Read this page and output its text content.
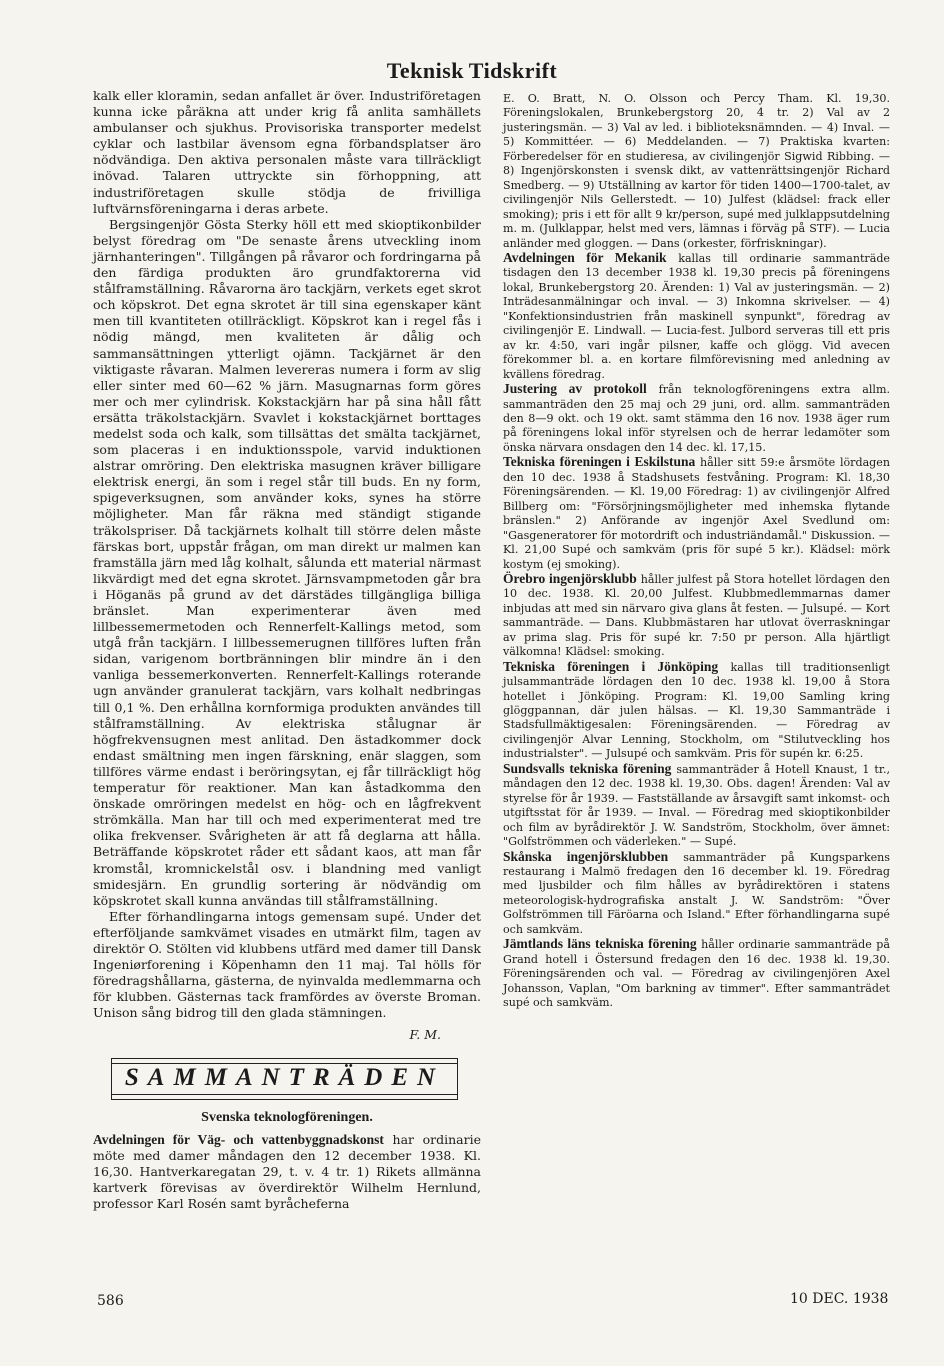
Teknisk Tidskrift

kalk eller kloramin, sedan anfallet är över. Industriföretagen kunna icke påräkna att under krig få anlita samhällets ambulanser och sjukhus. Provisoriska transporter medelst cyklar och lastbilar ävensom egna förbandsplatser äro nödvändiga. Den aktiva personalen måste vara tillräckligt inövad. Talaren uttryckte sin förhoppning, att industriföretagen skulle stödja de frivilliga luftvärnsföreningarna i deras arbete.

Bergsingenjör Gösta Sterky höll ett med skioptikonbilder belyst föredrag om "De senaste årens utveckling inom järnhanteringen". Tillgången på råvaror och fordringarna på den färdiga produkten äro grundfaktorerna vid stålframställning. Råvarorna äro tackjärn, verkets eget skrot och köpskrot. Det egna skrotet är till sina egenskaper känt men till kvantiteten otillräckligt. Köpskrot kan i regel fås i nödig mängd, men kvaliteten är dålig och sammansättningen ytterligt ojämn. Tackjärnet är den viktigaste råvaran. Malmen levereras numera i form av slig eller sinter med 60—62 % järn. Masugnarnas form göres mer och mer cylindrisk. Kokstackjärn har på sina håll fått ersätta träkolstackjärn. Svavlet i kokstackjärnet borttages medelst soda och kalk, som tillsättas det smälta tackjärnet, som placeras i en induktionsspole, varvid induktionen alstrar omröring. Den elektriska masugnen kräver billigare elektrisk energi, än som i regel står till buds. En ny form, spigeverksugnen, som använder koks, synes ha större möjligheter. Man får räkna med ständigt stigande träkolspriser. Då tackjärnets kolhalt till större delen måste färskas bort, uppstår frågan, om man direkt ur malmen kan framställa järn med låg kolhalt, sålunda ett material närmast likvärdigt med det egna skrotet. Järnsvampmetoden går bra i Höganäs på grund av det därstädes tillgängliga billiga bränslet. Man experimenterar även med lillbessemermetoden och Rennerfelt-Kallings metod, som utgå från tackjärn. I lillbessemerugnen tillföres luften från sidan, varigenom bortbränningen blir mindre än i den vanliga bessemerkonverten. Rennerfelt-Kallings roterande ugn använder granulerat tackjärn, vars kolhalt nedbringas till 0,1 %. Den erhållna kornformiga produkten användes till stålframställning. Av elektriska stålugnar är högfrekvensugnen mest anlitad. Den ästadkommer dock endast smältning men ingen färskning, enär slaggen, som tillföres värme endast i beröringsytan, ej får tillräckligt hög temperatur för reaktioner. Man kan åstadkomma den önskade omröringen medelst en hög- och en lågfrekvent strömkälla. Man har till och med experimenterat med tre olika frekvenser. Svårigheten är att få deglarna att hålla. Beträffande köpskrotet råder ett sådant kaos, att man får kromstål, kromnickelstål osv. i blandning med vanligt smidesjärn. En grundlig sortering är nödvändig om köpskrotet skall kunna användas till stålframställning.

Efter förhandlingarna intogs gemensam supé. Under det efterföljande samkvämet visades en utmärkt film, tagen av direktör O. Stölten vid klubbens utfärd med damer till Dansk Ingeniørforening i Köpenhamn den 11 maj. Tal hölls för föredragshållarna, gästerna, de nyinvalda medlemmarna och för klubben. Gästernas tack framfördes av överste Broman. Unison sång bidrog till den glada stämningen.

F. M.

SAMMANTRÄDEN
Svenska teknologföreningen.

Avdelningen för Väg- och vattenbyggnadskonst har ordinarie möte med damer måndagen den 12 december 1938. Kl. 16,30. Hantverkaregatan 29, t. v. 4 tr. 1) Rikets allmänna kartverk förevisas av överdirektör Wilhelm Hernlund, professor Karl Rosén samt byråcheferna

E. O. Bratt, N. O. Olsson och Percy Tham. Kl. 19,30. Föreningslokalen, Brunkebergstorg 20, 4 tr. 2) Val av 2 justeringsmän. — 3) Val av led. i biblioteksnämnden. — 4) Inval. — 5) Kommittéer. — 6) Meddelanden. — 7) Praktiska kvarten: Förberedelser för en studieresa, av civilingenjör Sigwid Ribbing. — 8) Ingenjörskonsten i svensk dikt, av vattenrättsingenjör Richard Smedberg. — 9) Utställning av kartor för tiden 1400—1700-talet, av civilingenjör Nils Gellerstedt. — 10) Julfest (klädsel: frack eller smoking); pris i ett för allt 9 kr/person, supé med julklappsutdelning m. m. (Julklappar, helst med vers, lämnas i förväg på STF). — Lucia anländer med gloggen. — Dans (orkester, förfriskningar).

Avdelningen för Mekanik kallas till ordinarie sammanträde tisdagen den 13 december 1938 kl. 19,30 precis på föreningens lokal, Brunkebergstorg 20. Ärenden: 1) Val av justeringsmän. — 2) Inträdesanmälningar och inval. — 3) Inkomna skrivelser. — 4) "Konfektionsindustrien från maskinell synpunkt", föredrag av civilingenjör E. Lindwall. — Lucia-fest. Julbord serveras till ett pris av kr. 4:50, vari ingår pilsner, kaffe och glögg. Vid avecen förekommer bl. a. en kortare filmförevisning med anledning av kvällens föredrag.

Justering av protokoll från teknologföreningens extra allm. sammanträden den 25 maj och 29 juni, ord. allm. sammanträden den 8—9 okt. och 19 okt. samt stämma den 16 nov. 1938 äger rum på föreningens lokal inför styrelsen och de herrar ledamöter som önska närvara onsdagen den 14 dec. kl. 17,15.

Tekniska föreningen i Eskilstuna håller sitt 59:e årsmöte lördagen den 10 dec. 1938 å Stadshusets festvåning. Program: Kl. 18,30 Föreningsärenden. — Kl. 19,00 Föredrag: 1) av civilingenjör Alfred Billberg om: "Försörjningsmöjligheter med inhemska flytande bränslen." 2) Anförande av ingenjör Axel Svedlund om: "Gasgeneratorer för motordrift och industriändamål." Diskussion. — Kl. 21,00 Supé och samkväm (pris för supé 5 kr.). Klädsel: mörk kostym (ej smoking).

Örebro ingenjörsklubb håller julfest på Stora hotellet lördagen den 10 dec. 1938. Kl. 20,00 Julfest. Klubbmedlemmarnas damer inbjudas att med sin närvaro giva glans åt festen. — Julsupé. — Kort sammanträde. — Dans. Klubbmästaren har utlovat överraskningar av prima slag. Pris för supé kr. 7:50 pr person. Alla hjärtligt välkomna! Klädsel: smoking.

Tekniska föreningen i Jönköping kallas till traditionsenligt julsammanträde lördagen den 10 dec. 1938 kl. 19,00 å Stora hotellet i Jönköping. Program: Kl. 19,00 Samling kring glöggpannan, där julen hälsas. — Kl. 19,30 Sammanträde i Stadsfullmäktigesalen: Föreningsärenden. — Föredrag av civilingenjör Alvar Lenning, Stockholm, om "Stilutveckling hos industrialster". — Julsupé och samkväm. Pris för supén kr. 6:25.

Sundsvalls tekniska förening sammanträder å Hotell Knaust, 1 tr., måndagen den 12 dec. 1938 kl. 19,30. Obs. dagen! Ärenden: Val av styrelse för år 1939. — Fastställande av årsavgift samt inkomst- och utgiftsstat för år 1939. — Inval. — Föredrag med skioptikonbilder och film av byrådirektör J. W. Sandström, Stockholm, över ämnet: "Golfströmmen och väderleken." — Supé.

Skånska ingenjörsklubben sammanträder på Kungsparkens restaurang i Malmö fredagen den 16 december kl. 19. Föredrag med ljusbilder och film hålles av byrådirektören i statens meteorologisk-hydrografiska anstalt J. W. Sandström: "Över Golfströmmen till Färöarna och Island." Efter förhandlingarna supé och samkväm.

Jämtlands läns tekniska förening håller ordinarie sammanträde på Grand hotell i Östersund fredagen den 16 dec. 1938 kl. 19,30. Föreningsärenden och val. — Föredrag av civilingenjören Axel Johansson, Vaplan, "Om barkning av timmer". Efter sammanträdet supé och samkväm.

586	10 DEC. 1938
